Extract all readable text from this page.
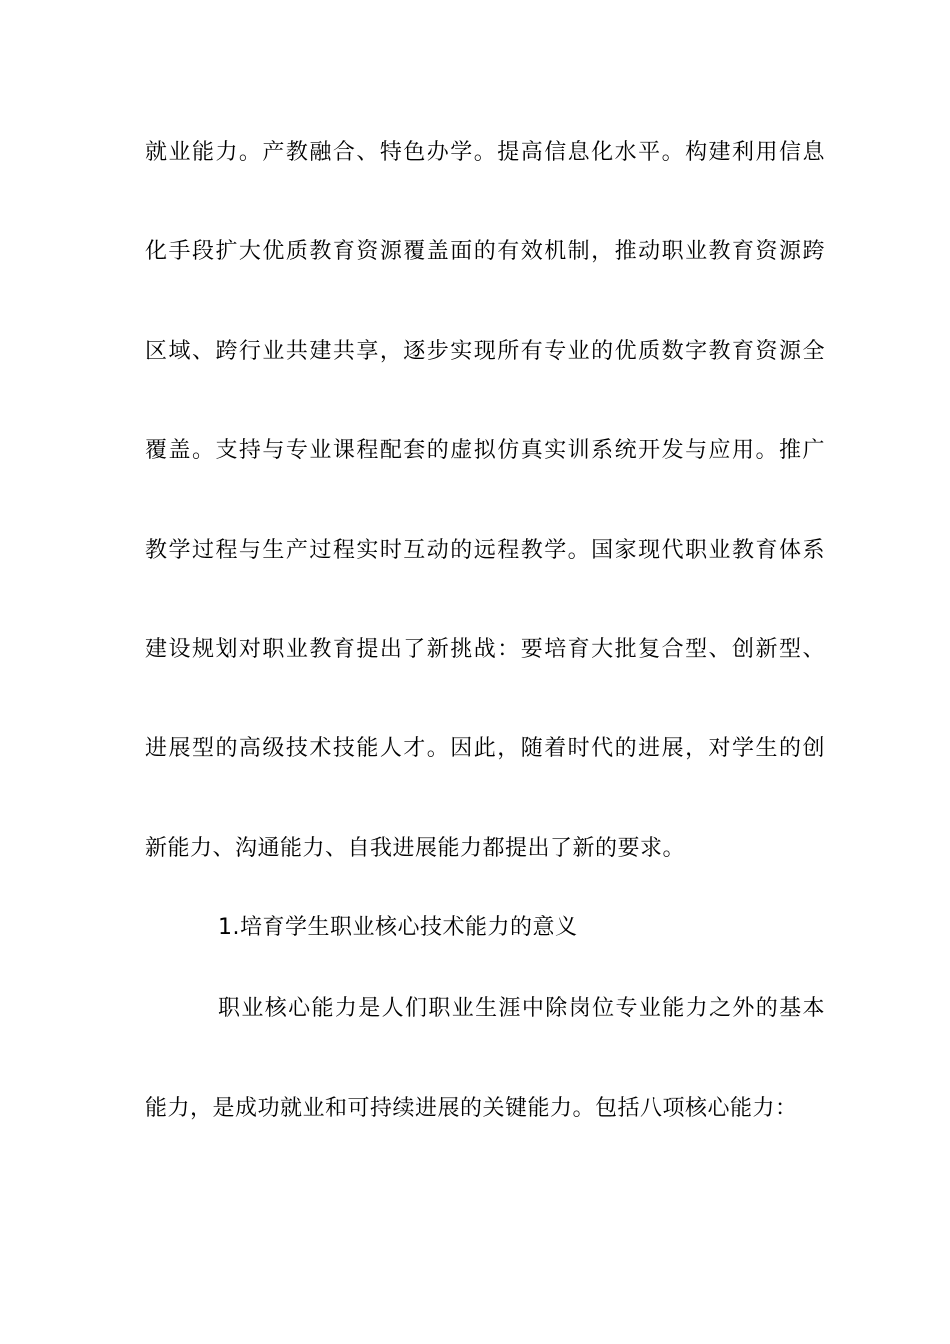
就业能力。产教融合、特色办学。提高信息化水平。构建利用信息
化手段扩大优质教育资源覆盖面的有效机制，推动职业教育资源跨
区域、跨行业共建共享，逐步实现所有专业的优质数字教育资源全
覆盖。支持与专业课程配套的虚拟仿真实训系统开发与应用。推广
教学过程与生产过程实时互动的远程教学。国家现代职业教育体系
建设规划对职业教育提出了新挑战：要培育大批复合型、创新型、
进展型的高级技术技能人才。因此，随着时代的进展，对学生的创
新能力、沟通能力、自我进展能力都提出了新的要求。
1.培育学生职业核心技术能力的意义
职业核心能力是人们职业生涯中除岗位专业能力之外的基本
能力，是成功就业和可持续进展的关键能力。包括八项核心能力：
